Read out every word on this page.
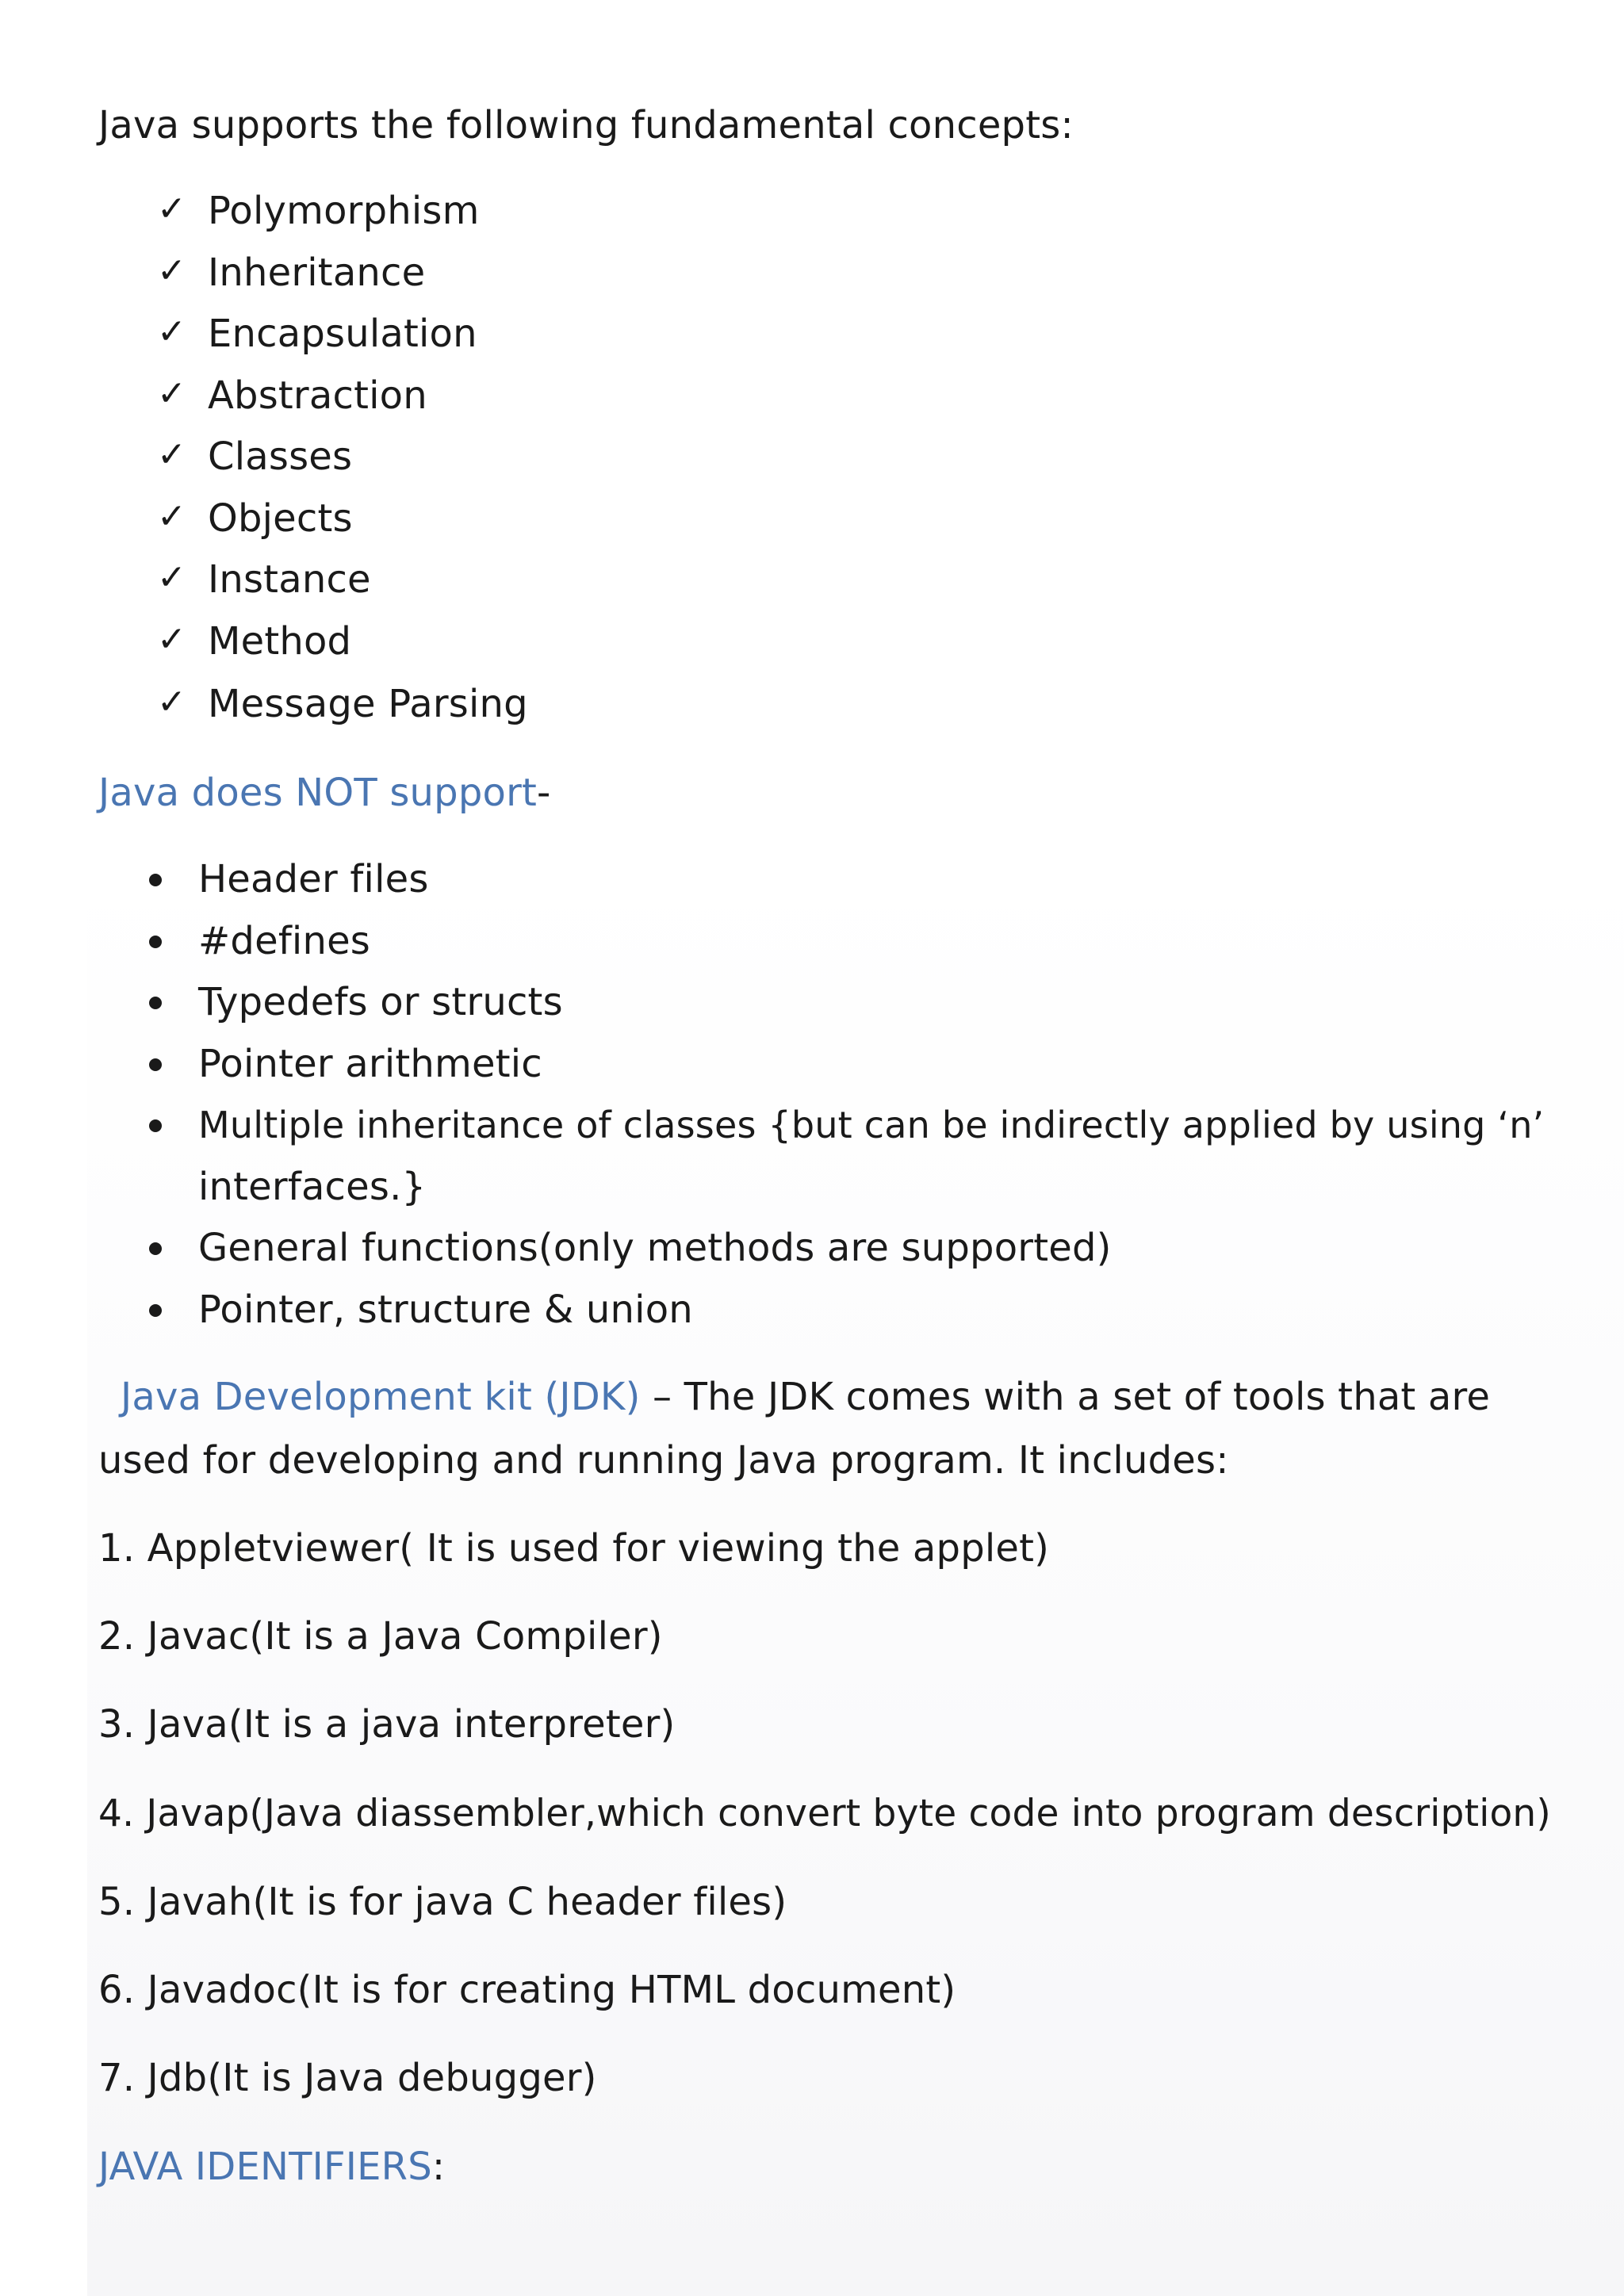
Java supports the following fundamental concepts:
✓ Polymorphism
✓ Inheritance
✓ Encapsulation
✓ Abstraction
✓ Classes
✓ Objects
✓ Instance
✓ Method
✓ Message Parsing
Java does NOT support-
Header files
#defines
Typedefs or structs
Pointer arithmetic
Multiple inheritance of classes {but can be indirectly applied by using ‘n’
interfaces.}
General functions(only methods are supported)
Pointer, structure & union
Java Development kit (JDK) – The JDK comes with a set of tools that are
used for developing and running Java program. It includes:
1. Appletviewer( It is used for viewing the applet)
2. Javac(It is a Java Compiler)
3. Java(It is a java interpreter)
4. Javap(Java diassembler,which convert byte code into program description)
5. Javah(It is for java C header files)
6. Javadoc(It is for creating HTML document)
7. Jdb(It is Java debugger)
JAVA IDENTIFIERS:
